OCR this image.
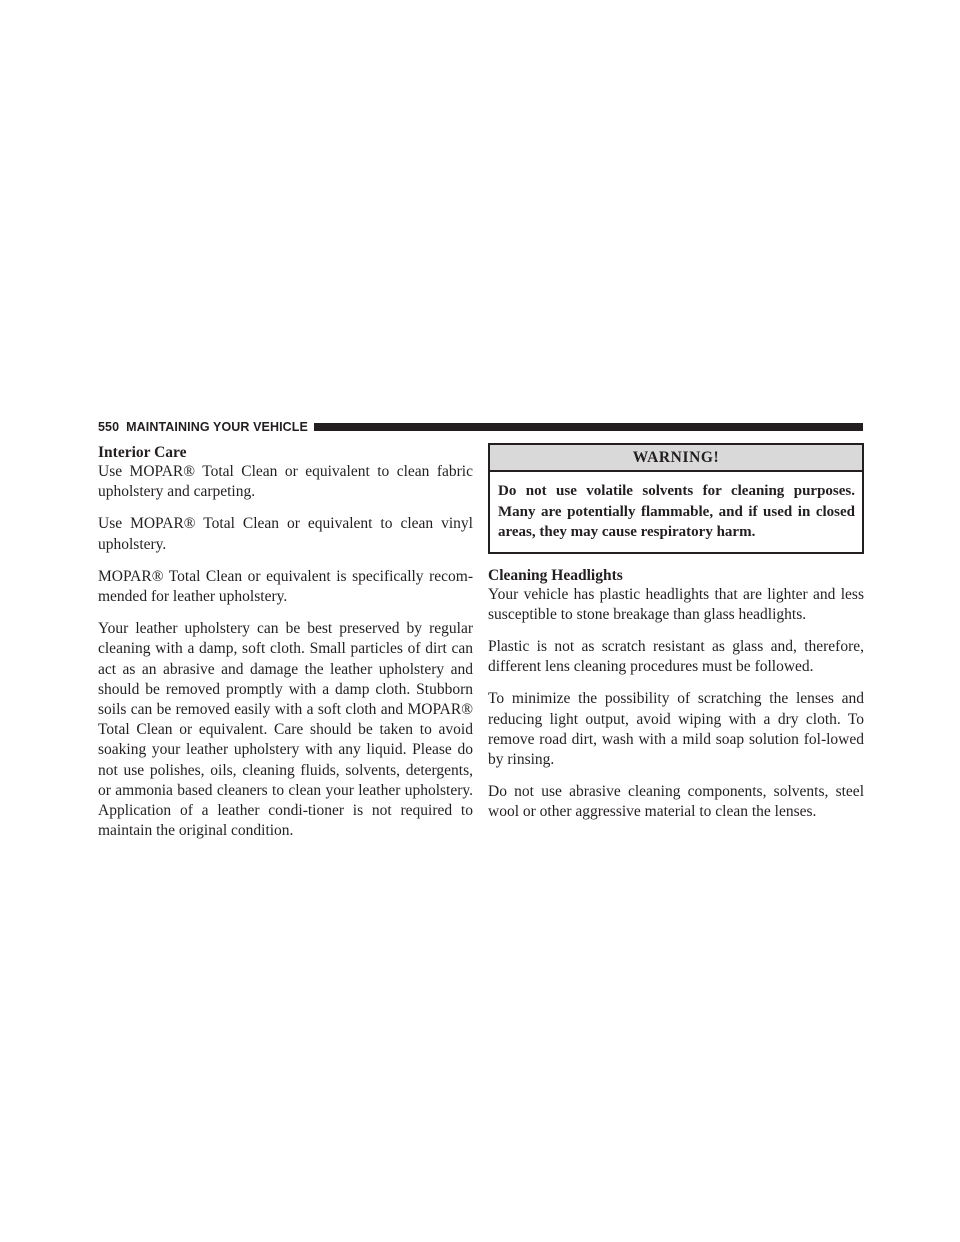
550 MAINTAINING YOUR VEHICLE
Interior Care

Use MOPAR® Total Clean or equivalent to clean fabric upholstery and carpeting.

Use MOPAR® Total Clean or equivalent to clean vinyl upholstery.

MOPAR® Total Clean or equivalent is specifically recom-mended for leather upholstery.

Your leather upholstery can be best preserved by regular cleaning with a damp, soft cloth. Small particles of dirt can act as an abrasive and damage the leather upholstery and should be removed promptly with a damp cloth. Stubborn soils can be removed easily with a soft cloth and MOPAR® Total Clean or equivalent. Care should be taken to avoid soaking your leather upholstery with any liquid. Please do not use polishes, oils, cleaning fluids, solvents, detergents, or ammonia based cleaners to clean your leather upholstery. Application of a leather condi-tioner is not required to maintain the original condition.

WARNING!
Do not use volatile solvents for cleaning purposes. Many are potentially flammable, and if used in closed areas, they may cause respiratory harm.
Cleaning Headlights

Your vehicle has plastic headlights that are lighter and less susceptible to stone breakage than glass headlights.

Plastic is not as scratch resistant as glass and, therefore, different lens cleaning procedures must be followed.

To minimize the possibility of scratching the lenses and reducing light output, avoid wiping with a dry cloth. To remove road dirt, wash with a mild soap solution fol-lowed by rinsing.

Do not use abrasive cleaning components, solvents, steel wool or other aggressive material to clean the lenses.
